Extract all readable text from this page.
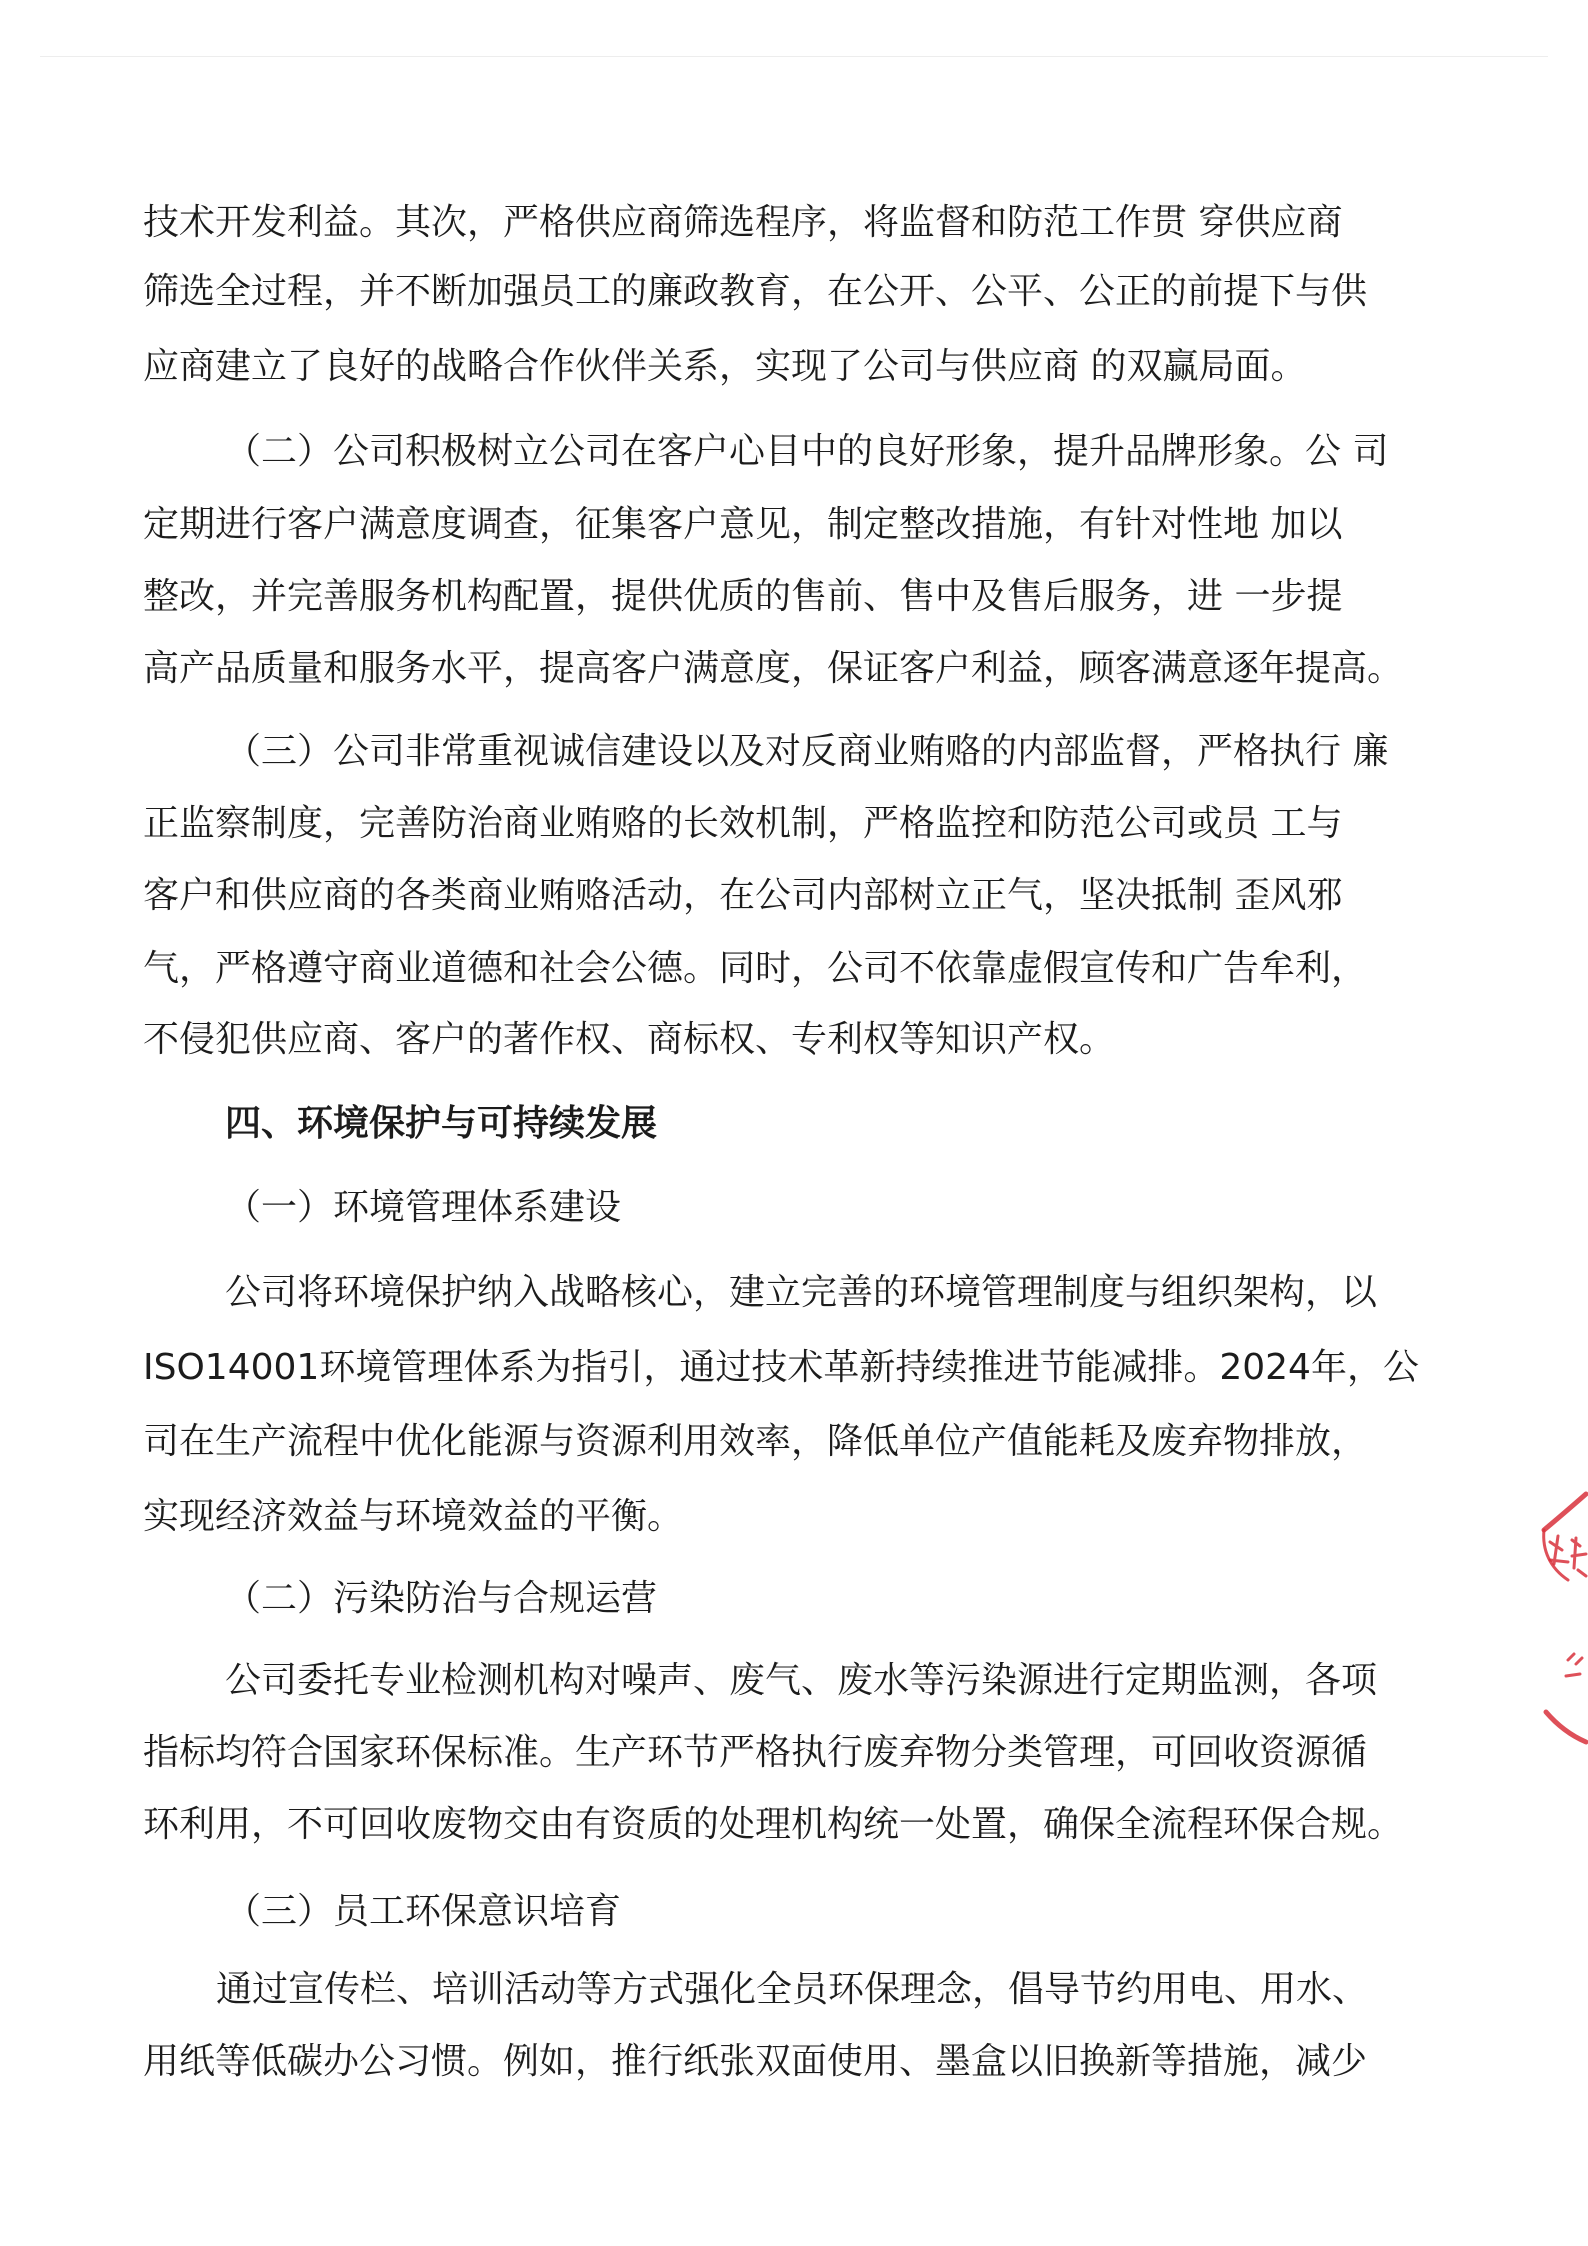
技术开发利益。其次，严格供应商筛选程序，将监督和防范工作贯 穿供应商
筛选全过程，并不断加强员工的廉政教育，在公开、公平、公正的前提下与供
应商建立了良好的战略合作伙伴关系，实现了公司与供应商 的双赢局面。
（二）公司积极树立公司在客户心目中的良好形象，提升品牌形象。公 司
定期进行客户满意度调查，征集客户意见，制定整改措施，有针对性地 加以
整改，并完善服务机构配置，提供优质的售前、售中及售后服务，进 一步提
高产品质量和服务水平，提高客户满意度，保证客户利益，顾客满意逐年提高。
（三）公司非常重视诚信建设以及对反商业贿赂的内部监督，严格执行 廉
正监察制度，完善防治商业贿赂的长效机制，严格监控和防范公司或员 工与
客户和供应商的各类商业贿赂活动，在公司内部树立正气，坚决抵制 歪风邪
气，严格遵守商业道德和社会公德。同时，公司不依靠虚假宣传和广告牟利，
不侵犯供应商、客户的著作权、商标权、专利权等知识产权。
四、环境保护与可持续发展
（一）环境管理体系建设
公司将环境保护纳入战略核心，建立完善的环境管理制度与组织架构，以
ISO14001环境管理体系为指引，通过技术革新持续推进节能减排。2024年，公
司在生产流程中优化能源与资源利用效率，降低单位产值能耗及废弃物排放，
实现经济效益与环境效益的平衡。
（二）污染防治与合规运营
公司委托专业检测机构对噪声、废气、废水等污染源进行定期监测，各项
指标均符合国家环保标准。生产环节严格执行废弃物分类管理，可回收资源循
环利用，不可回收废物交由有资质的处理机构统一处置，确保全流程环保合规。
（三）员工环保意识培育
通过宣传栏、培训活动等方式强化全员环保理念，倡导节约用电、用水、
用纸等低碳办公习惯。例如，推行纸张双面使用、墨盒以旧换新等措施，减少
